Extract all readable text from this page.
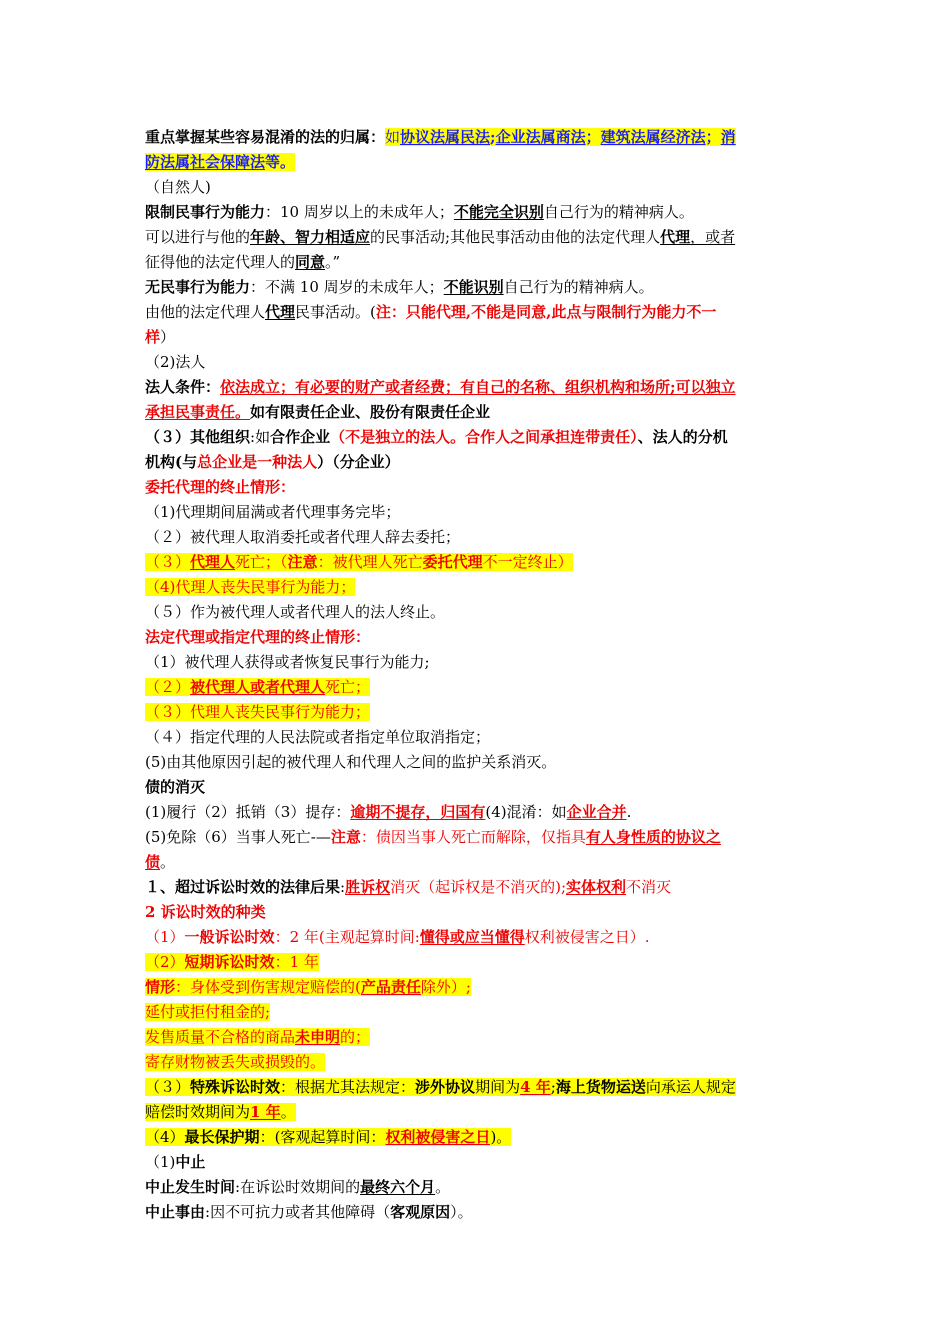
重点掌握某些容易混淆的法的归属：如协议法属民法;企业法属商法；建筑法属经济法；消
防法属社会保障法等。
（自然人)
限制民事行为能力：10 周岁以上的未成年人；不能完全识别自己行为的精神病人。
可以进行与他的年龄、智力相适应的民事活动;其他民事活动由他的法定代理人代理，或者
征得他的法定代理人的同意。”
无民事行为能力：不满 10 周岁的未成年人；不能识别自己行为的精神病人。
由他的法定代理人代理民事活动。(注：只能代理,不能是同意,此点与限制行为能力不一
样）
（2)法人
法人条件：依法成立；有必要的财产或者经费；有自己的名称、组织机构和场所;可以独立
承担民事责任。如有限责任企业、股份有限责任企业
（３）其他组织:如合作企业（不是独立的法人。合作人之间承担连带责任）、法人的分机
机构(与总企业是一种法人）（分企业）
委托代理的终止情形：
（1)代理期间届满或者代理事务完毕；
（２）被代理人取消委托或者代理人辞去委托；
（３）代理人死亡；（注意：被代理人死亡委托代理不一定终止）
（4)代理人丧失民事行为能力；
（５）作为被代理人或者代理人的法人终止。
法定代理或指定代理的终止情形：
（1）被代理人获得或者恢复民事行为能力;
（２）被代理人或者代理人死亡；
（３）代理人丧失民事行为能力；
（４）指定代理的人民法院或者指定单位取消指定；
(5)由其他原因引起的被代理人和代理人之间的监护关系消灭。
债的消灭
(1)履行（2）抵销（3）提存：逾期不提存，归国有(4)混淆：如企业合并.
(5)免除（6）当事人死亡-—注意：债因当事人死亡而解除，仅指具有人身性质的协议之
债。
１、超过诉讼时效的法律后果:胜诉权消灭（起诉权是不消灭的);实体权利不消灭
2 诉讼时效的种类
（1）一般诉讼时效：2 年(主观起算时间:懂得或应当懂得权利被侵害之日）.
（2）短期诉讼时效：1 年
情形：身体受到伤害规定赔偿的(产品责任除外）;
延付或拒付租金的;
发售质量不合格的商品未申明的；
寄存财物被丢失或损毁的。
（３）特殊诉讼时效：根据尤其法规定：涉外协议期间为4 年;海上货物运送向承运人规定
赔偿时效期间为1 年。
（4）最长保护期：(客观起算时间：权利被侵害之日)。
（1)中止
中止发生时间:在诉讼时效期间的最终六个月。
中止事由:因不可抗力或者其他障碍（客观原因）。
